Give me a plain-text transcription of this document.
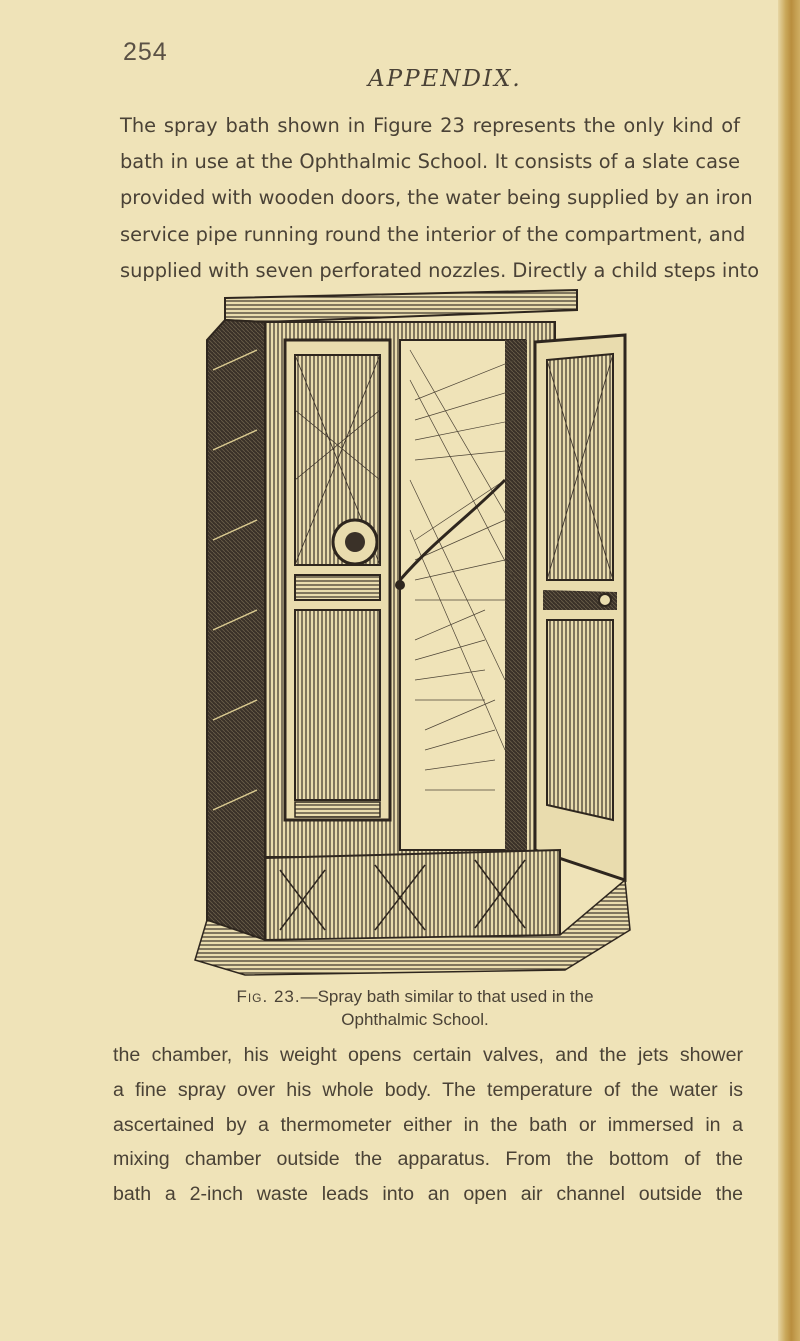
254
APPENDIX.

The spray bath shown in Figure 23 represents the only kind of
bath in use at the Ophthalmic School. It consists of a slate case
provided with wooden doors, the water being supplied by an iron
service pipe running round the interior of the compartment, and
supplied with seven perforated nozzles. Directly a child steps into

Fig. 23.—Spray bath similar to that used in the
Ophthalmic School.

the chamber, his weight opens certain valves, and the jets shower
a fine spray over his whole body. The temperature of the water is
ascertained by a thermometer either in the bath or immersed in a
mixing chamber outside the apparatus. From the bottom of the
bath a 2-inch waste leads into an open air channel outside the
